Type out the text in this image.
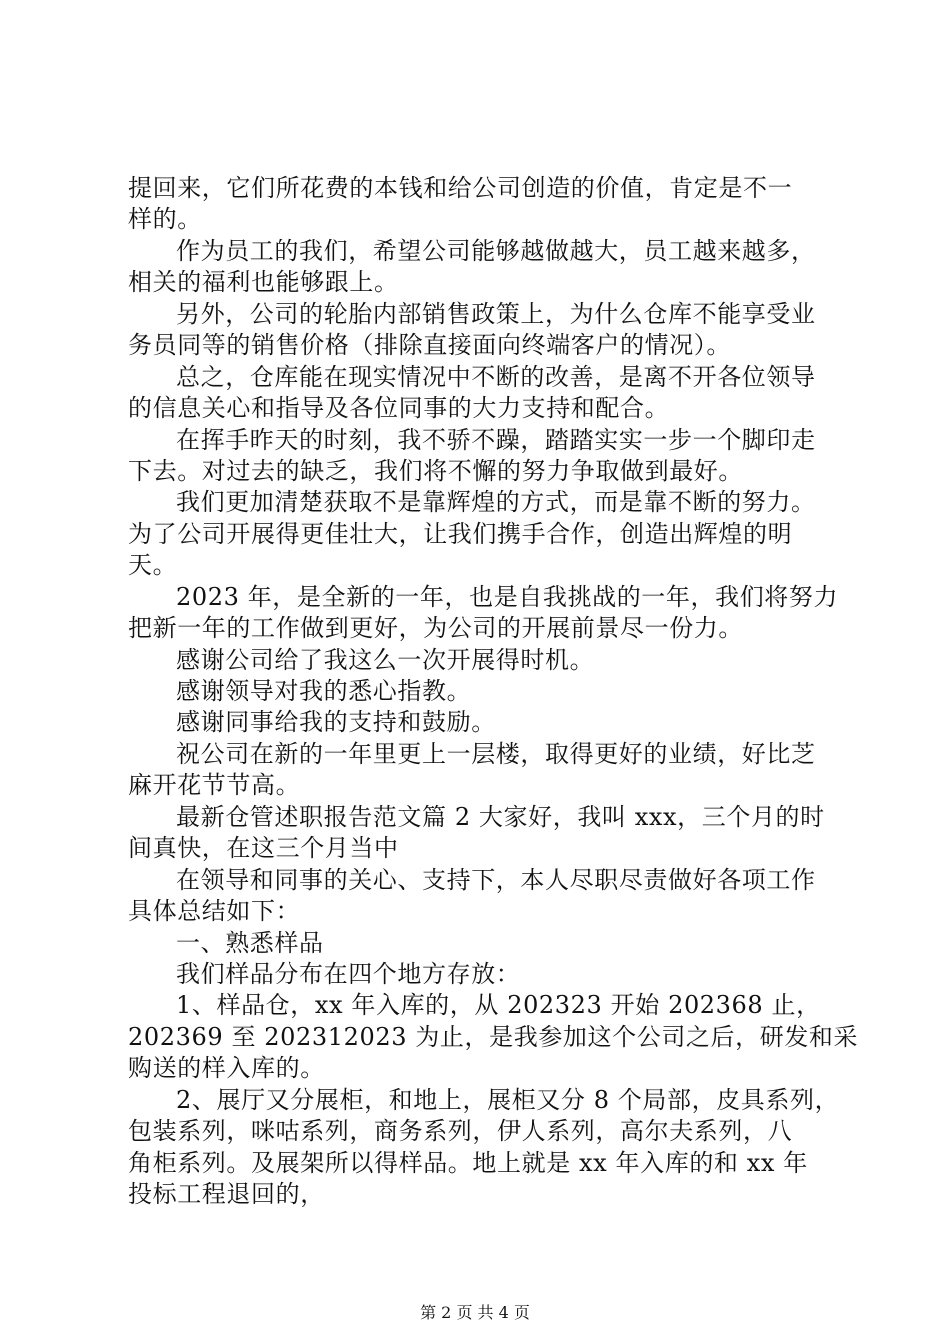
提回来，它们所花费的本钱和给公司创造的价值，肯定是不一
样的。
作为员工的我们，希望公司能够越做越大，员工越来越多，
相关的福利也能够跟上。
另外，公司的轮胎内部销售政策上，为什么仓库不能享受业
务员同等的销售价格（排除直接面向终端客户的情况）。
总之，仓库能在现实情况中不断的改善，是离不开各位领导
的信息关心和指导及各位同事的大力支持和配合。
在挥手昨天的时刻，我不骄不躁，踏踏实实一步一个脚印走
下去。对过去的缺乏，我们将不懈的努力争取做到最好。
我们更加清楚获取不是靠辉煌的方式，而是靠不断的努力。
为了公司开展得更佳壮大，让我们携手合作，创造出辉煌的明
天。
2023 年，是全新的一年，也是自我挑战的一年，我们将努力
把新一年的工作做到更好，为公司的开展前景尽一份力。
感谢公司给了我这么一次开展得时机。
感谢领导对我的悉心指教。
感谢同事给我的支持和鼓励。
祝公司在新的一年里更上一层楼，取得更好的业绩，好比芝
麻开花节节高。
最新仓管述职报告范文篇 2 大家好，我叫 xxx，三个月的时
间真快，在这三个月当中
在领导和同事的关心、支持下，本人尽职尽责做好各项工作
具体总结如下：
一、熟悉样品
我们样品分布在四个地方存放：
1、样品仓，xx 年入库的，从 202323 开始 202368 止，
202369 至 202312023 为止，是我参加这个公司之后，研发和采
购送的样入库的。
2、展厅又分展柜，和地上，展柜又分 8 个局部，皮具系列，
包装系列，咪咕系列，商务系列，伊人系列，高尔夫系列，八
角柜系列。及展架所以得样品。地上就是 xx 年入库的和 xx 年
投标工程退回的，
第 2 页 共 4 页
